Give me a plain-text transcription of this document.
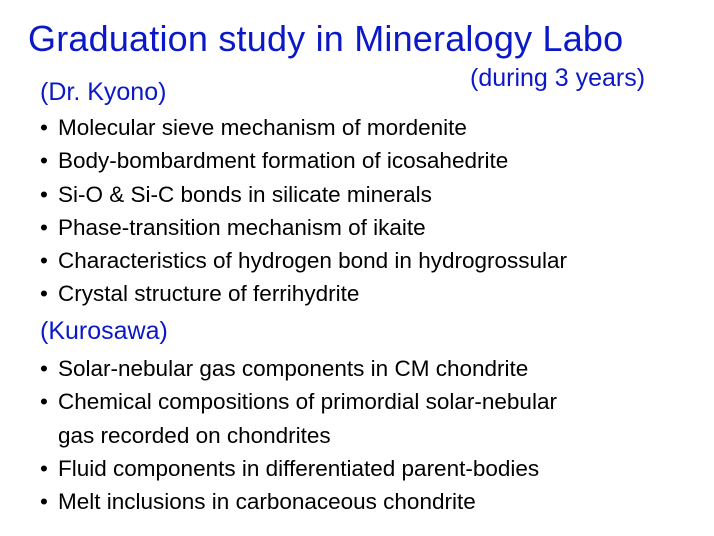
Graduation study in Mineralogy Labo
(during 3 years)
(Dr. Kyono)
• Molecular sieve mechanism of mordenite
• Body-bombardment formation of icosahedrite
• Si-O & Si-C bonds in silicate minerals
• Phase-transition mechanism of ikaite
• Characteristics of hydrogen bond in hydrogrossular
• Crystal structure of ferrihydrite
(Kurosawa)
• Solar-nebular gas components in CM chondrite
• Chemical compositions of primordial solar-nebular
gas recorded on chondrites
• Fluid components in differentiated parent-bodies
• Melt inclusions in carbonaceous chondrite
